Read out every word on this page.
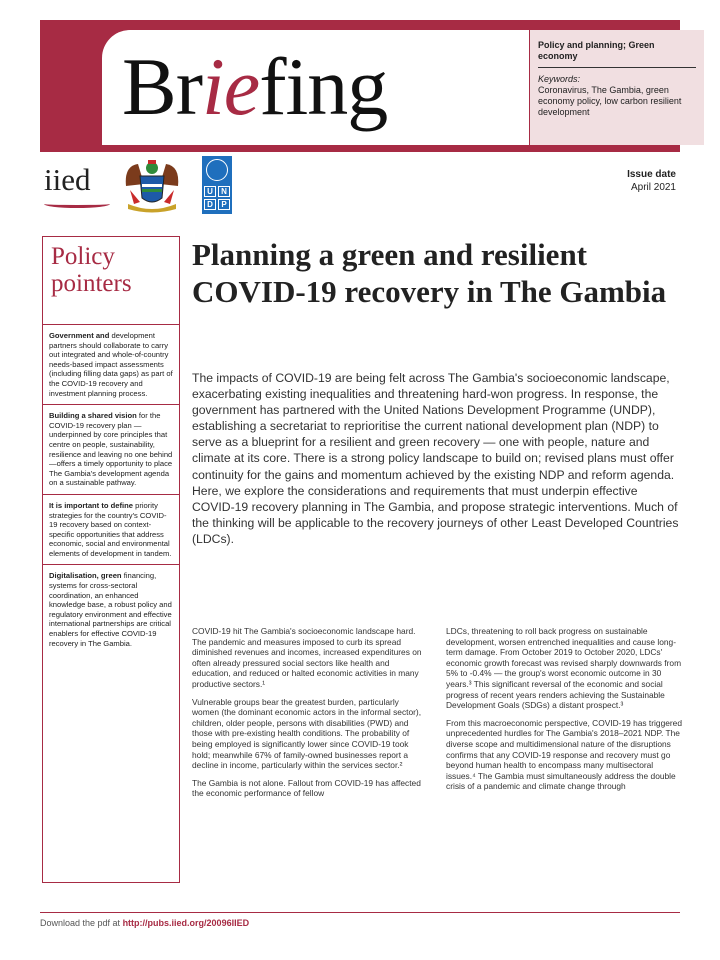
Briefing	Policy and planning; Green economy
Keywords:
Coronavirus, The Gambia, green economy policy, low carbon resilient development
iied	U	N
D	P
Issue date
April 2021
Policy pointers
Government and development partners should collaborate to carry out integrated and whole-of-country needs-based impact assessments (including filling data gaps) as part of the COVID-19 recovery and investment planning process.
Building a shared vision for the COVID-19 recovery plan — underpinned by core principles that centre on people, sustainability, resilience and leaving no one behind —offers a timely opportunity to place The Gambia's development agenda on a sustainable pathway.
It is important to define priority strategies for the country's COVID-19 recovery based on context-specific opportunities that address economic, social and environmental elements of development in tandem.
Digitalisation, green financing, systems for cross-sectoral coordination, an enhanced knowledge base, a robust policy and regulatory environment and effective international partnerships are critical enablers for effective COVID-19 recovery in The Gambia.
Planning a green and resilient COVID-19 recovery in The Gambia

The impacts of COVID-19 are being felt across The Gambia's socioeconomic landscape, exacerbating existing inequalities and threatening hard-won progress. In response, the government has partnered with the United Nations Development Programme (UNDP), establishing a secretariat to reprioritise the current national development plan (NDP) to serve as a blueprint for a resilient and green recovery — one with people, nature and climate at its core. There is a strong policy landscape to build on; revised plans must offer continuity for the gains and momentum achieved by the existing NDP and reform agenda. Here, we explore the considerations and requirements that must underpin effective COVID-19 recovery planning in The Gambia, and propose strategic interventions. Much of the thinking will be applicable to the recovery journeys of other Least Developed Countries (LDCs).

COVID-19 hit The Gambia's socioeconomic landscape hard. The pandemic and measures imposed to curb its spread diminished revenues and incomes, increased expenditures on often already pressured social sectors like health and education, and reduced or halted economic activities in many productive sectors.¹

Vulnerable groups bear the greatest burden, particularly women (the dominant economic actors in the informal sector), children, older people, persons with disabilities (PWD) and those with pre-existing health conditions. The probability of being employed is significantly lower since COVID-19 took hold; meanwhile 67% of family-owned businesses report a decline in income, particularly within the services sector.²

The Gambia is not alone. Fallout from COVID-19 has affected the economic performance of fellow

LDCs, threatening to roll back progress on sustainable development, worsen entrenched inequalities and cause long-term damage. From October 2019 to October 2020, LDCs' economic growth forecast was revised sharply downwards from 5% to -0.4% — the group's worst economic outcome in 30 years.³ This significant reversal of the economic and social progress of recent years renders achieving the Sustainable Development Goals (SDGs) a distant prospect.³

From this macroeconomic perspective, COVID-19 has triggered unprecedented hurdles for The Gambia's 2018–2021 NDP. The diverse scope and multidimensional nature of the disruptions confirms that any COVID-19 response and recovery must go beyond human health to encompass many multisectoral issues.⁴ The Gambia must simultaneously address the double crisis of a pandemic and climate change through

Download the pdf at http://pubs.iied.org/20096IIED
